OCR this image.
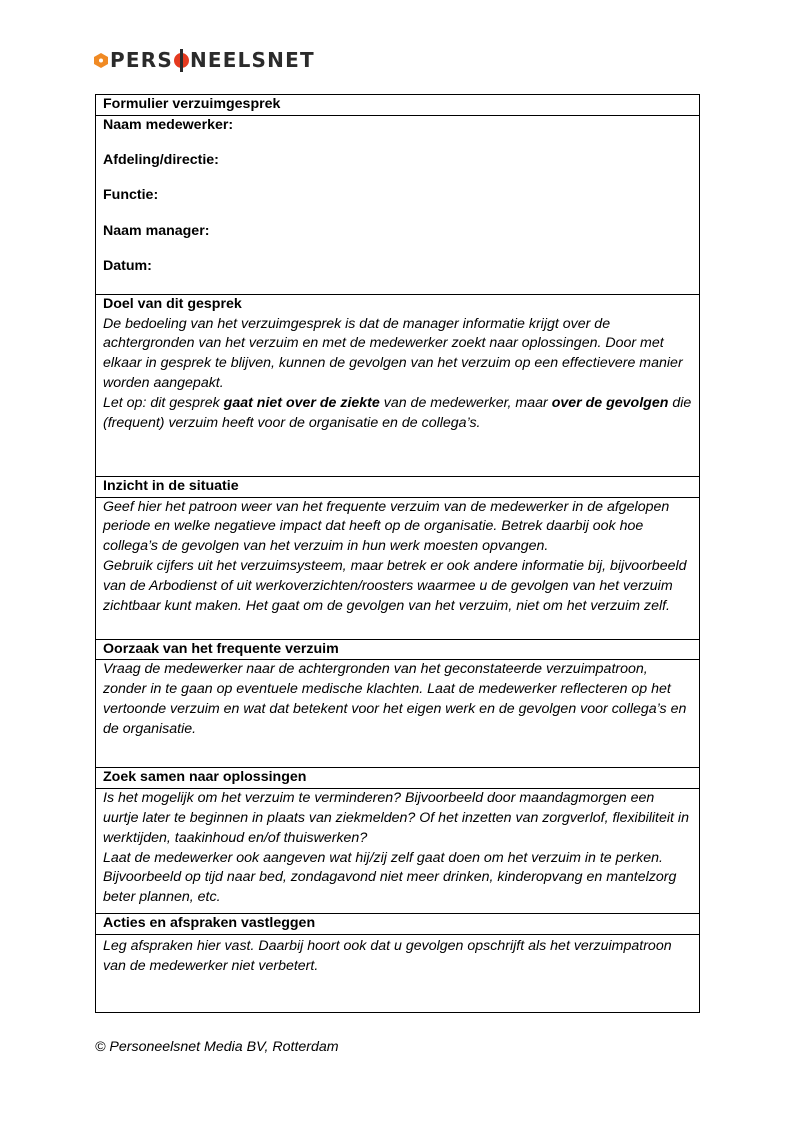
PERS NEELSNET
Formulier verzuimgesprek

Naam medewerker:
Afdeling/directie:
Functie:
Naam manager:
Datum:

Doel van dit gesprek
De bedoeling van het verzuimgesprek is dat de manager informatie krijgt over de achtergronden van het verzuim en met de medewerker zoekt naar oplossingen. Door met elkaar in gesprek te blijven, kunnen de gevolgen van het verzuim op een effectievere manier worden aangepakt.
Let op: dit gesprek gaat niet over de ziekte van de medewerker, maar over de gevolgen die (frequent) verzuim heeft voor de organisatie en de collega’s.

Inzicht in de situatie

Geef hier het patroon weer van het frequente verzuim van de medewerker in de afgelopen periode en welke negatieve impact dat heeft op de organisatie. Betrek daarbij ook hoe collega’s de gevolgen van het verzuim in hun werk moesten opvangen.
Gebruik cijfers uit het verzuimsysteem, maar betrek er ook andere informatie bij, bijvoorbeeld van de Arbodienst of uit werkoverzichten/roosters waarmee u de gevolgen van het verzuim zichtbaar kunt maken. Het gaat om de gevolgen van het verzuim, niet om het verzuim zelf.

Oorzaak van het frequente verzuim
Vraag de medewerker naar de achtergronden van het geconstateerde verzuimpatroon, zonder in te gaan op eventuele medische klachten. Laat de medewerker reflecteren op het vertoonde verzuim en wat dat betekent voor het eigen werk en de gevolgen voor collega’s en de organisatie.
Zoek samen naar oplossingen

Is het mogelijk om het verzuim te verminderen? Bijvoorbeeld door maandagmorgen een uurtje later te beginnen in plaats van ziekmelden? Of het inzetten van zorgverlof, flexibiliteit in werktijden, taakinhoud en/of thuiswerken?
Laat de medewerker ook aangeven wat hij/zij zelf gaat doen om het verzuim in te perken. Bijvoorbeeld op tijd naar bed, zondagavond niet meer drinken, kinderopvang en mantelzorg beter plannen, etc.

Acties en afspraken vastleggen
Leg afspraken hier vast. Daarbij hoort ook dat u gevolgen opschrijft als het verzuimpatroon van de medewerker niet verbetert.
© Personeelsnet Media BV, Rotterdam
